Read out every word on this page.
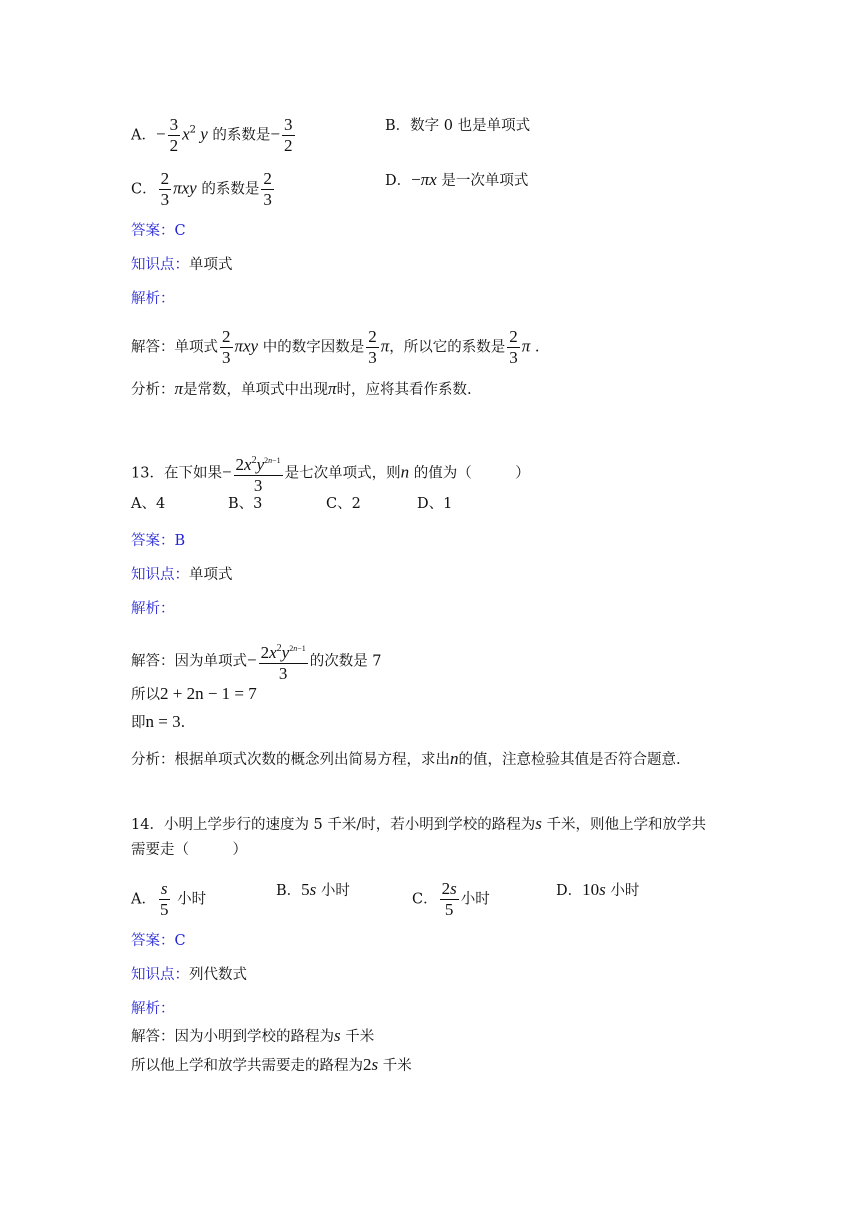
A．− $\frac{3}{2} x^2$ y 的系数是− $\frac{3}{2}$	B．数字 0 也是单项式
C． $\frac{2}{3}$ πxy 的系数是 $\frac{2}{3}$	D．−πx 是一次单项式
答案：C
知识点：单项式
解析：
解答：单项式 $\frac{2}{3}$ πxy 中的数字因数是 $\frac{2}{3}$ π，所以它的系数是 $\frac{2}{3}$ π .
分析：π是常数，单项式中出现π时，应将其看作系数.
13．在下如果− $\frac{2x^2y^{2n-1}}{3}$ 是七次单项式，则n 的值为（　　　）
A、4	B、3	C、2	D、1
答案：B
知识点：单项式
解析：
解答：因为单项式− $\frac{2x^2y^{2n-1}}{3}$ 的次数是 7
所以2 + 2n − 1 = 7
即n = 3.
分析：根据单项式次数的概念列出简易方程，求出n的值，注意检验其值是否符合题意.
14．小明上学步行的速度为 5 千米/时，若小明到学校的路程为s 千米，则他上学和放学共
需要走（　　　）
A． $\frac{s}{5}$ 小时
B．5s 小时
C． $\frac{2s}{5}$ 小时
D．10s 小时
答案：C
知识点：列代数式
解析：
解答：因为小明到学校的路程为s 千米
所以他上学和放学共需要走的路程为2s 千米
